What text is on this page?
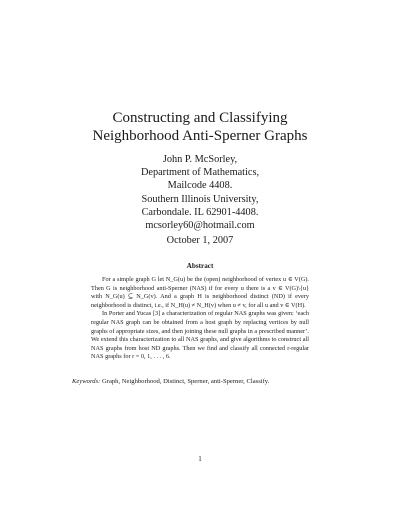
Constructing and Classifying
Neighborhood Anti-Sperner Graphs
John P. McSorley,
Department of Mathematics,
Mailcode 4408.
Southern Illinois University,
Carbondale. IL 62901-4408.
mcsorley60@hotmail.com
October 1, 2007
Abstract

For a simple graph G let N_G(u) be the (open) neighborhood of vertex u ∈ V(G). Then G is neighborhood anti-Sperner (NAS) if for every u there is a v ∈ V(G)\{u} with N_G(u) ⊆ N_G(v). And a graph H is neighborhood distinct (ND) if every neighborhood is distinct, i.e., if N_H(u) ≠ N_H(v) when u ≠ v, for all u and v ∈ V(H).

In Porter and Yucas [3] a characterization of regular NAS graphs was given: ‘each regular NAS graph can be obtained from a host graph by replacing vertices by null graphs of appropriate sizes, and then joining these null graphs in a prescribed manner’. We extend this characterization to all NAS graphs, and give algorithms to construct all NAS graphs from host ND graphs. Then we find and classify all connected r-regular NAS graphs for r = 0, 1, . . . , 6.

Keywords: Graph, Neighborhood, Distinct, Sperner, anti-Sperner, Classify.
1
